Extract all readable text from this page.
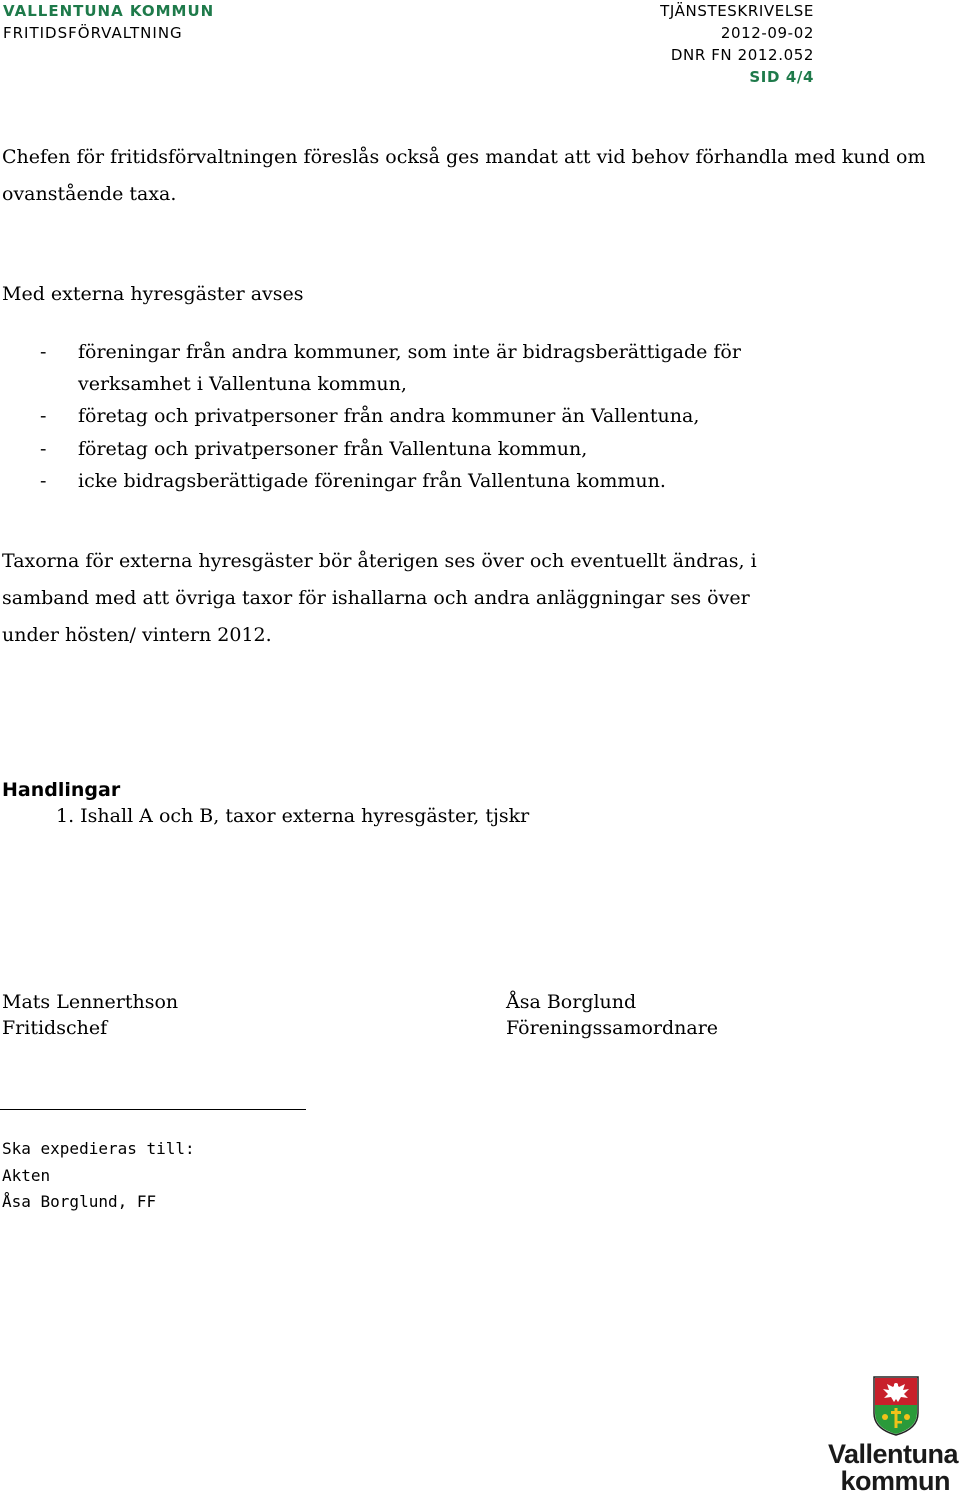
VALLENTUNA KOMMUN
FRITIDSFÖRVALTNING
TJÄNSTESKRIVELSE
2012-09-02
DNR FN 2012.052
SID 4/4
Chefen för fritidsförvaltningen föreslås också ges mandat att vid behov förhandla med kund om ovanstående taxa.
Med externa hyresgäster avses
- föreningar från andra kommuner, som inte är bidragsberättigade för
verksamhet i Vallentuna kommun,
- företag och privatpersoner från andra kommuner än Vallentuna,
- företag och privatpersoner från Vallentuna kommun,
- icke bidragsberättigade föreningar från Vallentuna kommun.
Taxorna för externa hyresgäster bör återigen ses över och eventuellt ändras, i samband med att övriga taxor för ishallarna och andra anläggningar ses över under hösten/ vintern 2012.
Handlingar
1. Ishall A och B, taxor externa hyresgäster, tjskr
Mats Lennerthson
Fritidschef
Åsa Borglund
Föreningssamordnare
Ska expedieras till:
Akten
Åsa Borglund, FF
Vallentuna
kommun
